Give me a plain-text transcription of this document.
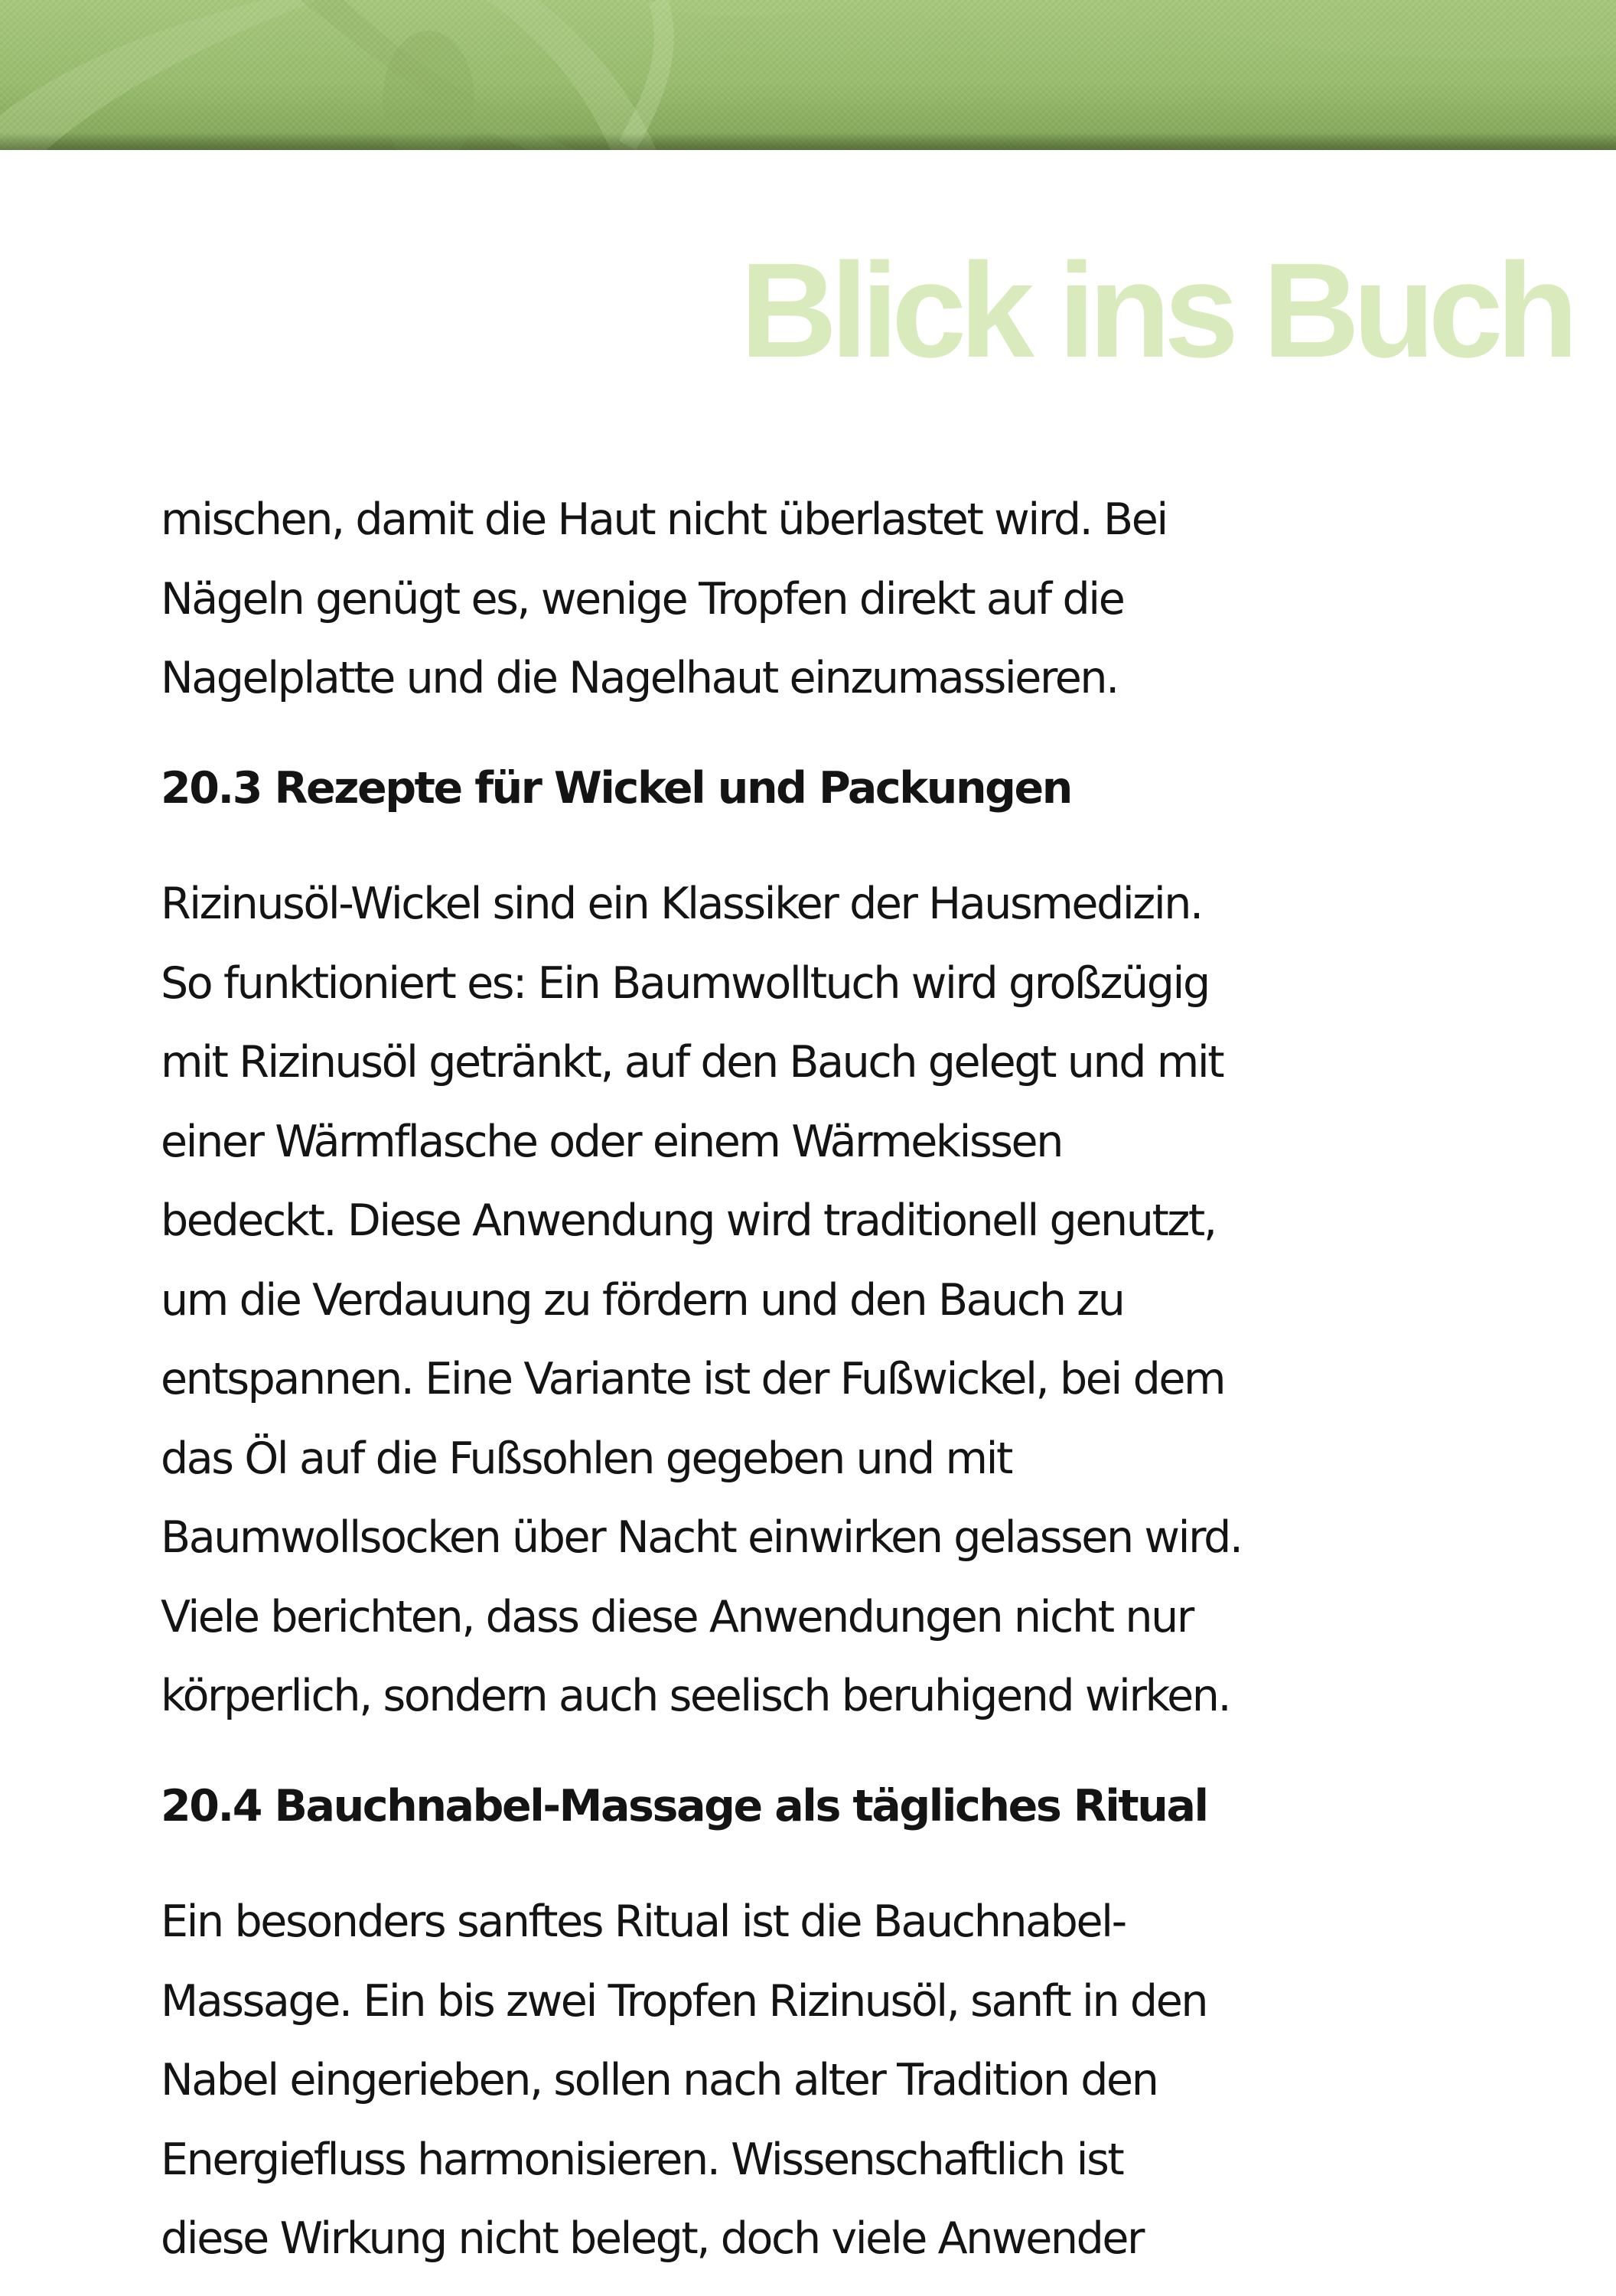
Blick ins Buch

mischen, damit die Haut nicht überlastet wird. Bei

Nägeln genügt es, wenige Tropfen direkt auf die

Nagelplatte und die Nagelhaut einzumassieren.

20.3 Rezepte für Wickel und Packungen

Rizinusöl-Wickel sind ein Klassiker der Hausmedizin.

So funktioniert es: Ein Baumwolltuch wird großzügig

mit Rizinusöl getränkt, auf den Bauch gelegt und mit

einer Wärmflasche oder einem Wärmekissen

bedeckt. Diese Anwendung wird traditionell genutzt,

um die Verdauung zu fördern und den Bauch zu

entspannen. Eine Variante ist der Fußwickel, bei dem

das Öl auf die Fußsohlen gegeben und mit

Baumwollsocken über Nacht einwirken gelassen wird.

Viele berichten, dass diese Anwendungen nicht nur

körperlich, sondern auch seelisch beruhigend wirken.

20.4 Bauchnabel-Massage als tägliches Ritual

Ein besonders sanftes Ritual ist die Bauchnabel-

Massage. Ein bis zwei Tropfen Rizinusöl, sanft in den

Nabel eingerieben, sollen nach alter Tradition den

Energiefluss harmonisieren. Wissenschaftlich ist

diese Wirkung nicht belegt, doch viele Anwender
